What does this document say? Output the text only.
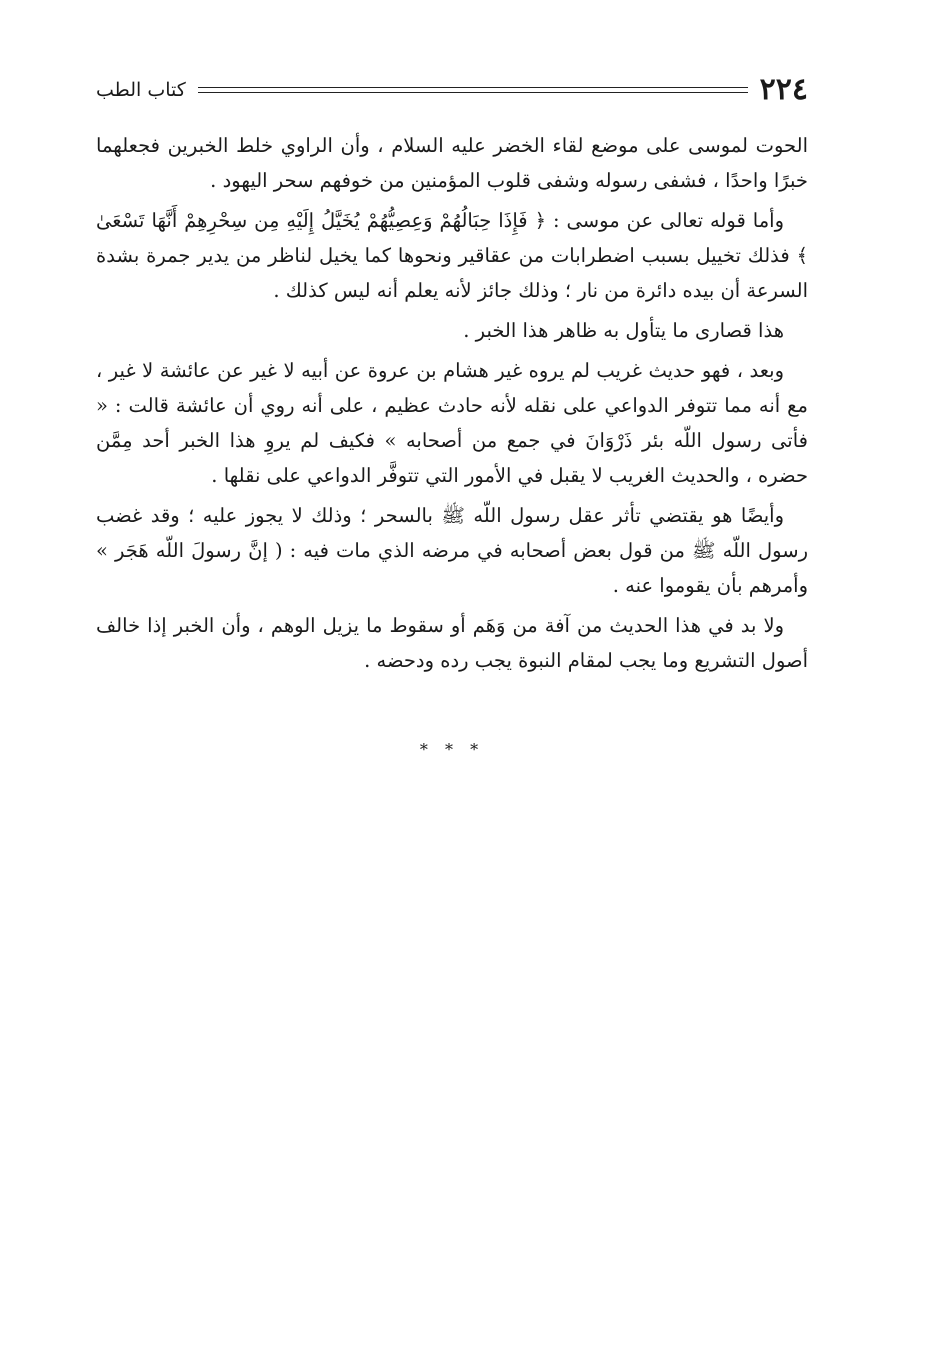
٢٢٤
كتاب الطب

الحوت لموسى على موضع لقاء الخضر عليه السلام ، وأن الراوي خلط الخبرين فجعلهما خبرًا واحدًا ، فشفى رسوله وشفى قلوب المؤمنين من خوفهم سحر اليهود .

وأما قوله تعالى عن موسى : ﴿ فَإِذَا حِبَالُهُمْ وَعِصِيُّهُمْ يُخَيَّلُ إِلَيْهِ مِن سِحْرِهِمْ أَنَّهَا تَسْعَىٰ ﴾ فذلك تخييل بسبب اضطرابات من عقاقير ونحوها كما يخيل لناظر من يدير جمرة بشدة السرعة أن بيده دائرة من نار ؛ وذلك جائز لأنه يعلم أنه ليس كذلك .

هذا قصارى ما يتأول به ظاهر هذا الخبر .

وبعد ، فهو حديث غريب لم يروه غير هشام بن عروة عن أبيه لا غير عن عائشة لا غير ، مع أنه مما تتوفر الدواعي على نقله لأنه حادث عظيم ، على أنه روي أن عائشة قالت : « فأتى رسول اللّه بئر ذَرْوَانَ في جمع من أصحابه » فكيف لم يروِ هذا الخبر أحد مِمَّن حضره ، والحديث الغريب لا يقبل في الأمور التي تتوفَّر الدواعي على نقلها .

وأيضًا هو يقتضي تأثر عقل رسول اللّه ﷺ بالسحر ؛ وذلك لا يجوز عليه ؛ وقد غضب رسول اللّه ﷺ من قول بعض أصحابه في مرضه الذي مات فيه : ( إنَّ رسولَ اللّه هَجَر » وأمرهم بأن يقوموا عنه .

ولا بد في هذا الحديث من آفة من وَهَم أو سقوط ما يزيل الوهم ، وأن الخبر إذا خالف أصول التشريع وما يجب لمقام النبوة يجب رده ودحضه .

* * *
